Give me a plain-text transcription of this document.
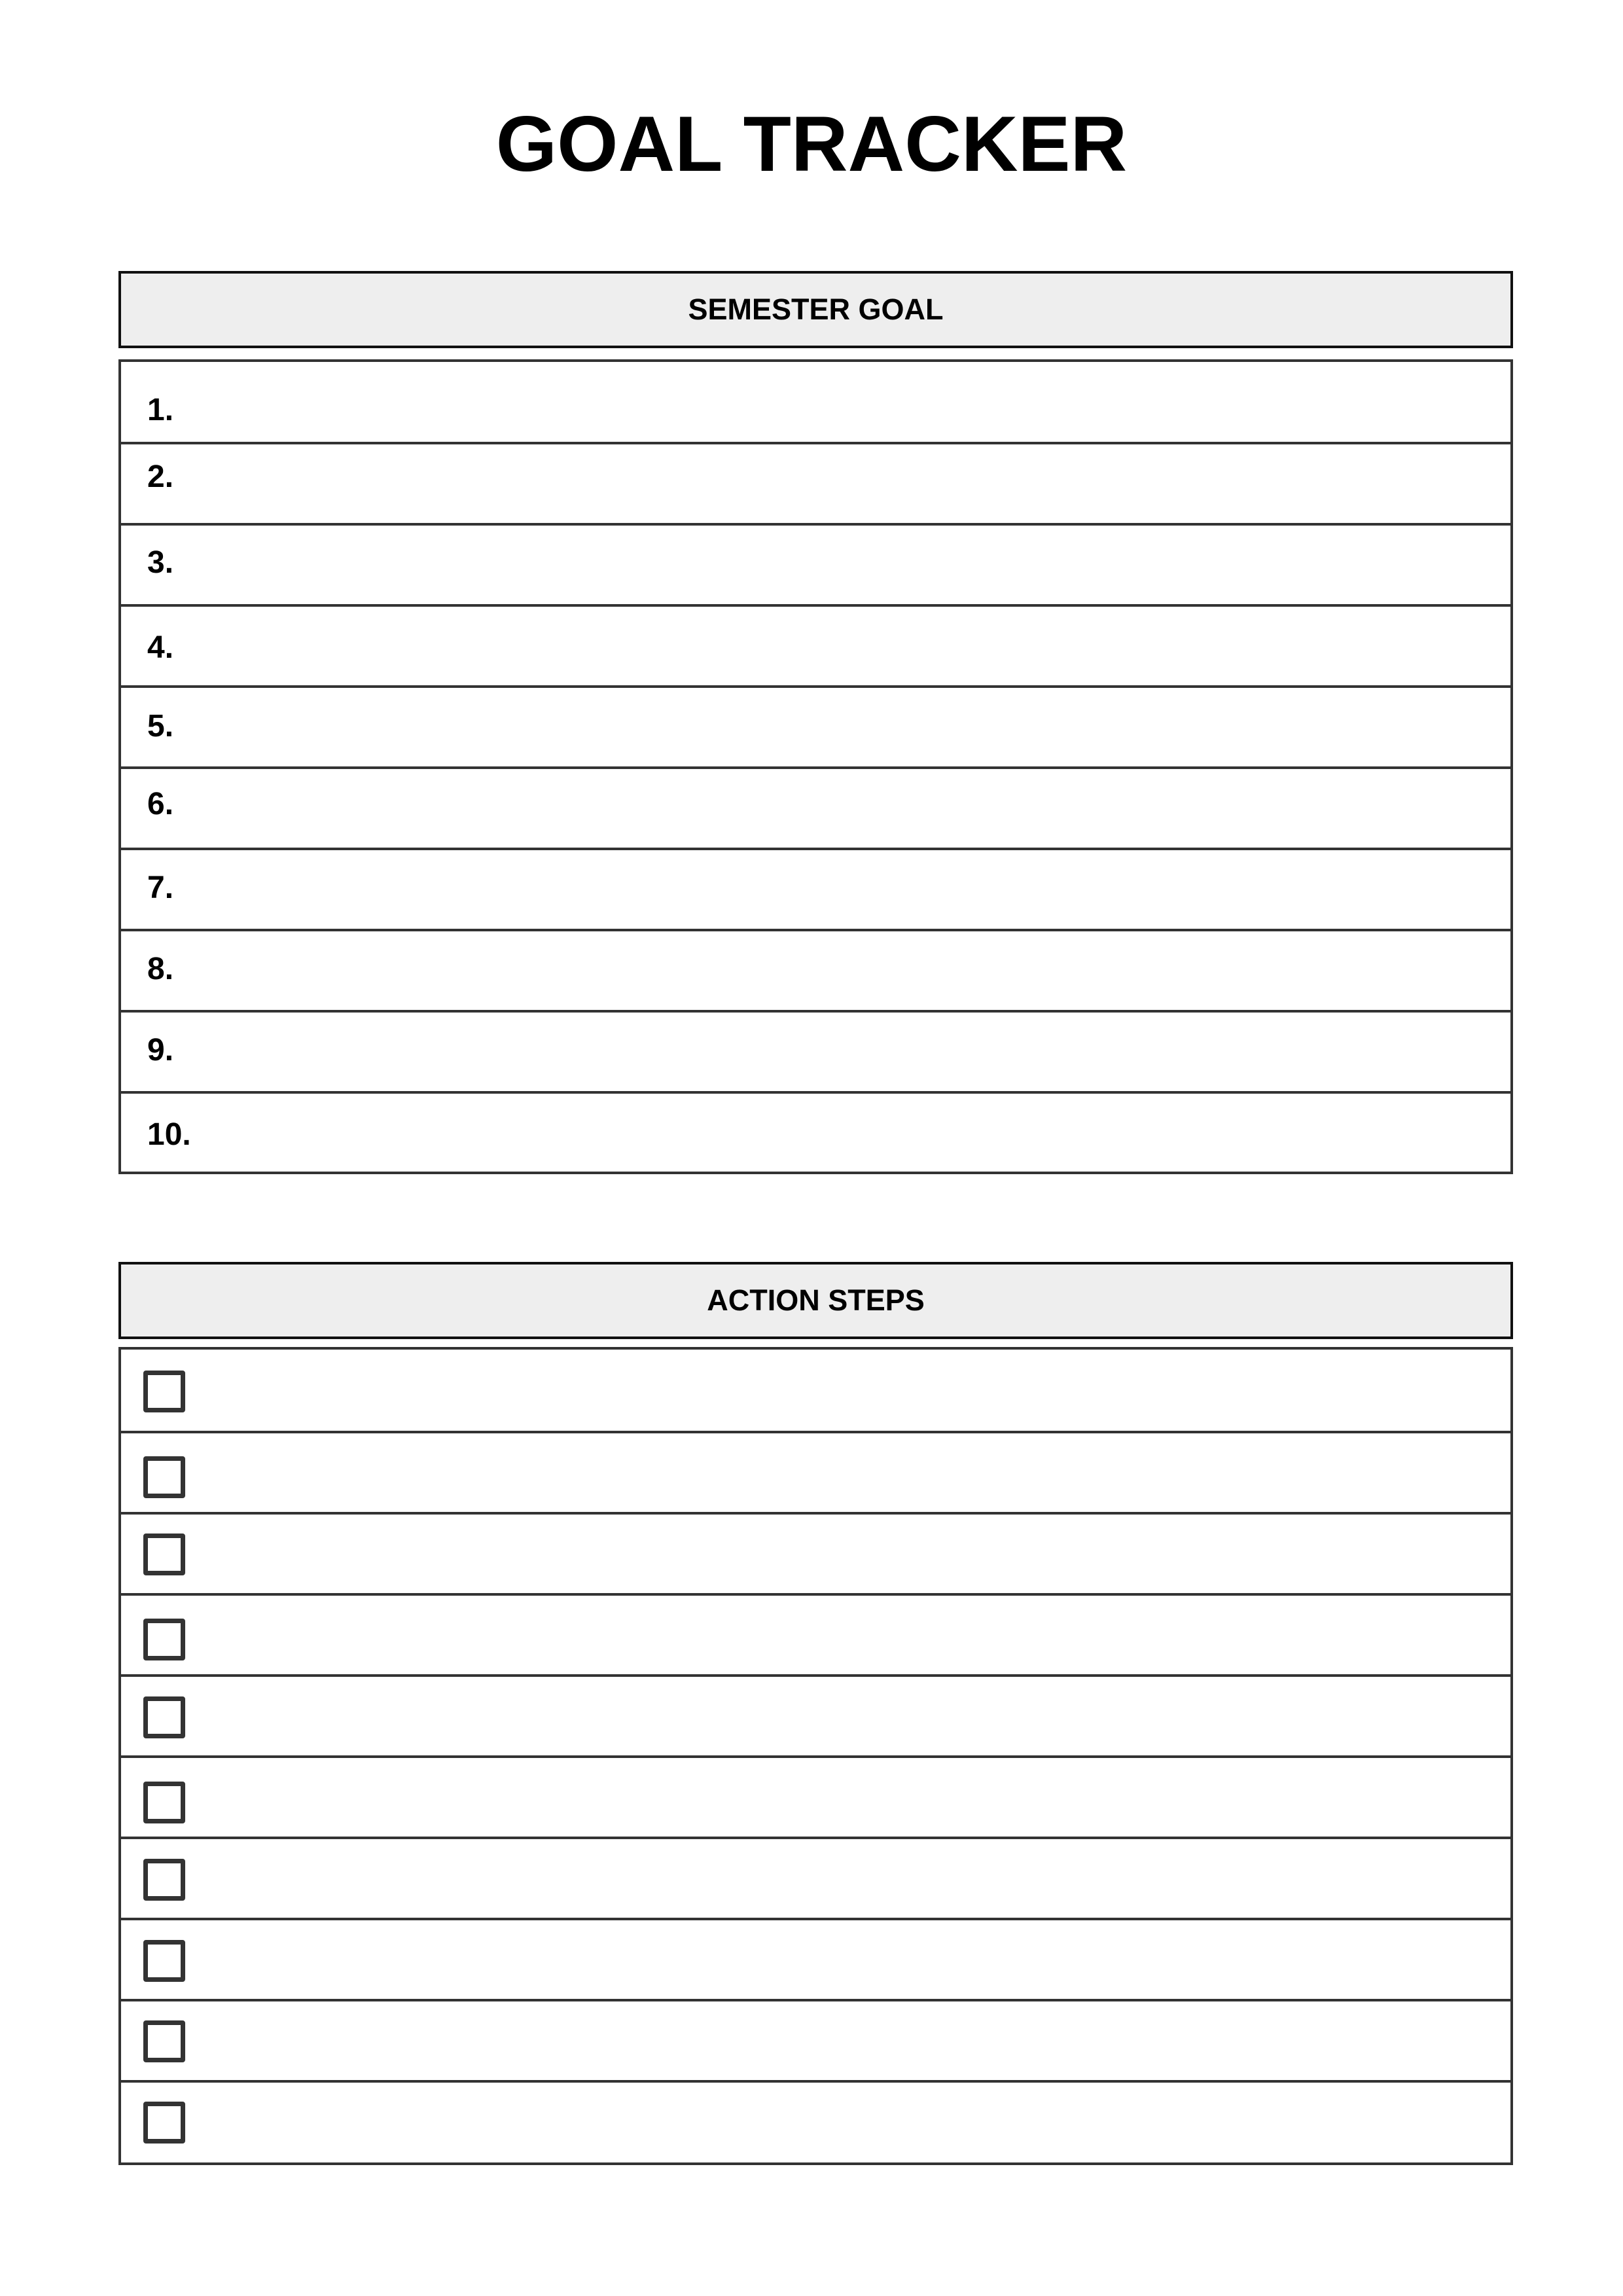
GOAL TRACKER
SEMESTER GOAL
1.
2.
3.
4.
5.
6.
7.
8.
9.
10.
ACTION STEPS
